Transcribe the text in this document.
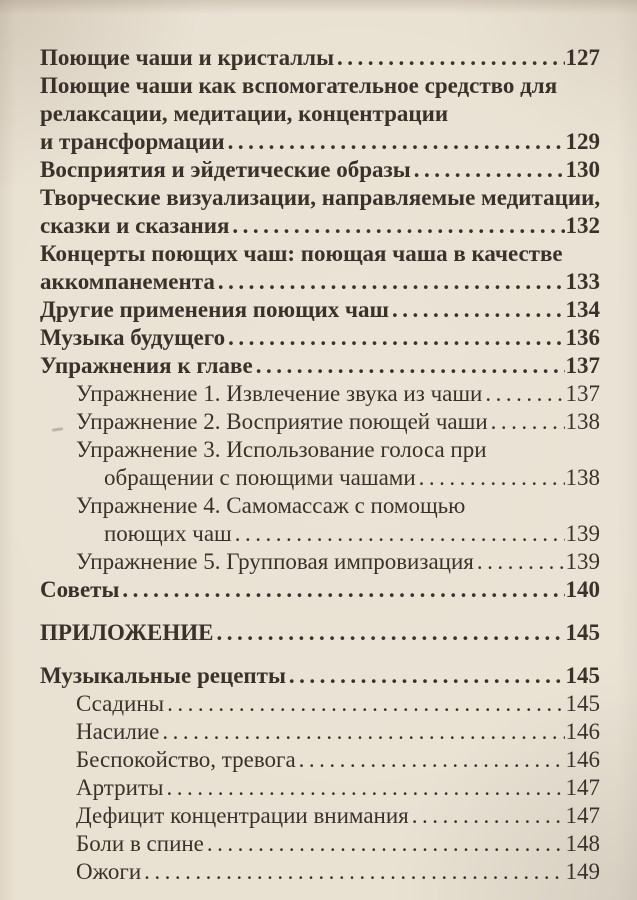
Поющие чаши и кристаллы .....	127
Поющие чаши как вспомогательное средство для
релаксации, медитации, концентрации
и трансформации .....	129
Восприятия и эйдетические образы .....	130
Творческие визуализации, направляемые медитации,
сказки и сказания .....	132
Концерты поющих чаш: поющая чаша в качестве
аккомпанемента .....	133
Другие применения поющих чаш .....	134
Музыка будущего .....	136
Упражнения к главе .....	137
Упражнение 1. Извлечение звука из чаши .....	137
Упражнение 2. Восприятие поющей чаши .....	138
Упражнение 3. Использование голоса при
обращении с поющими чашами .....	138
Упражнение 4. Самомассаж с помощью
поющих чаш .....	139
Упражнение 5. Групповая импровизация .....	139
Советы .....	140
ПРИЛОЖЕНИЕ .....	145
Музыкальные рецепты .....	145
Ссадины .....	145
Насилие .....	146
Беспокойство, тревога .....	146
Артриты .....	147
Дефицит концентрации внимания .....	147
Боли в спине .....	148
Ожоги .....	149
